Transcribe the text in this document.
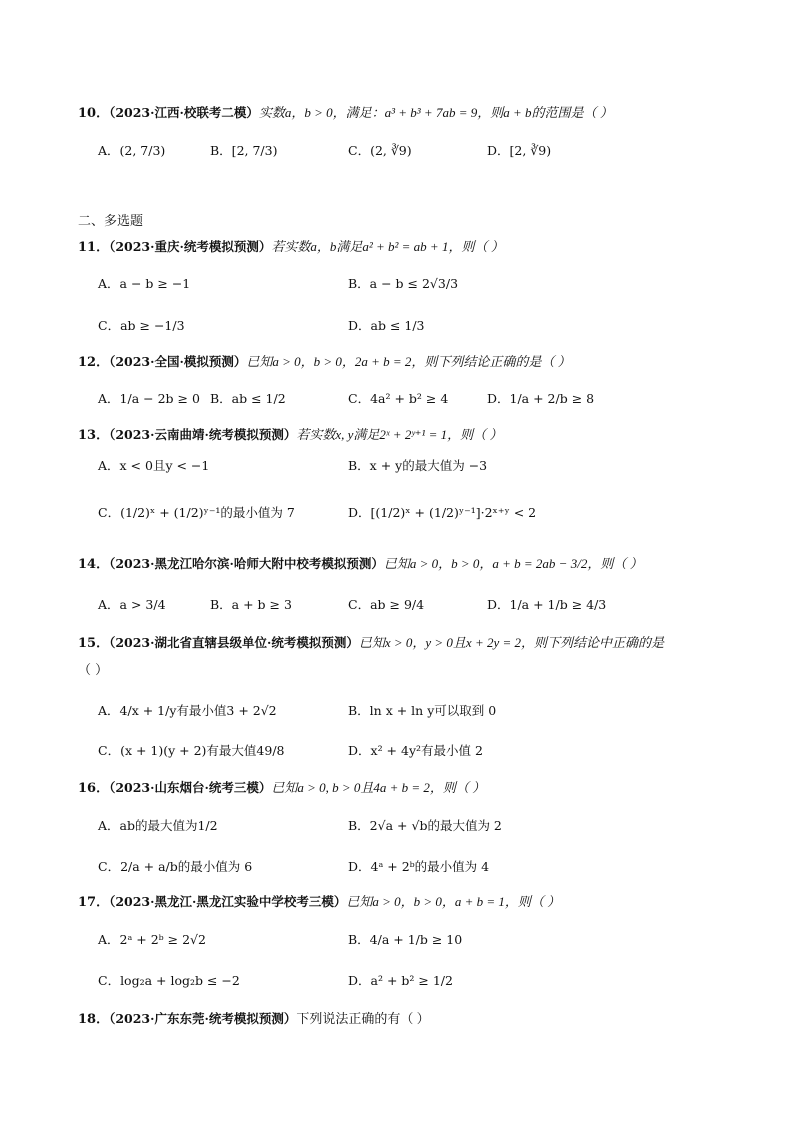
10．（2023·江西·校联考二模）实数a，b > 0，满足：a³ + b³ + 7ab = 9，则a + b的范围是（ ）
A．(2, 7/3)	B．[2, 7/3)	C．(2, ∛9)	D．[2, ∛9)
二、多选题
11．（2023·重庆·统考模拟预测）若实数a，b满足a² + b² = ab + 1，则（ ）
A．a − b ≥ −1	B．a − b ≤ 2√3/3
C．ab ≥ −1/3	D．ab ≤ 1/3
12．（2023·全国·模拟预测）已知a > 0，b > 0，2a + b = 2，则下列结论正确的是（ ）
A．1/a − 2b ≥ 0 B．ab ≤ 1/2	C．4a² + b² ≥ 4	D．1/a + 2/b ≥ 8
13．（2023·云南曲靖·统考模拟预测）若实数x, y满足2ˣ + 2ʸ⁺¹ = 1，则（ ）
A．x < 0且y < −1	B．x + y的最大值为 −3
C．(1/2)ˣ + (1/2)ʸ⁻¹的最小值为 7	D．[(1/2)ˣ + (1/2)ʸ⁻¹]·2ˣ⁺ʸ < 2
14．（2023·黑龙江哈尔滨·哈师大附中校考模拟预测）已知a > 0，b > 0，a + b = 2ab − 3/2，则（ ）
A．a > 3/4	B．a + b ≥ 3	C．ab ≥ 9/4	D．1/a + 1/b ≥ 4/3
15．（2023·湖北省直辖县级单位·统考模拟预测）已知x > 0，y > 0且x + 2y = 2，则下列结论中正确的是
（ ）
A．4/x + 1/y有最小值3 + 2√2	B．ln x + ln y可以取到 0
C．(x + 1)(y + 2)有最大值49/8	D．x² + 4y²有最小值 2
16．（2023·山东烟台·统考三模）已知a > 0, b > 0且4a + b = 2，则（ ）
A．ab的最大值为1/2	B．2√a + √b的最大值为 2
C．2/a + a/b的最小值为 6	D．4ᵃ + 2ᵇ的最小值为 4
17．（2023·黑龙江·黑龙江实验中学校考三模）已知a > 0，b > 0，a + b = 1，则（ ）
A．2ᵃ + 2ᵇ ≥ 2√2	B．4/a + 1/b ≥ 10
C．log₂a + log₂b ≤ −2	D．a² + b² ≥ 1/2
18．（2023·广东东莞·统考模拟预测）下列说法正确的有（ ）
